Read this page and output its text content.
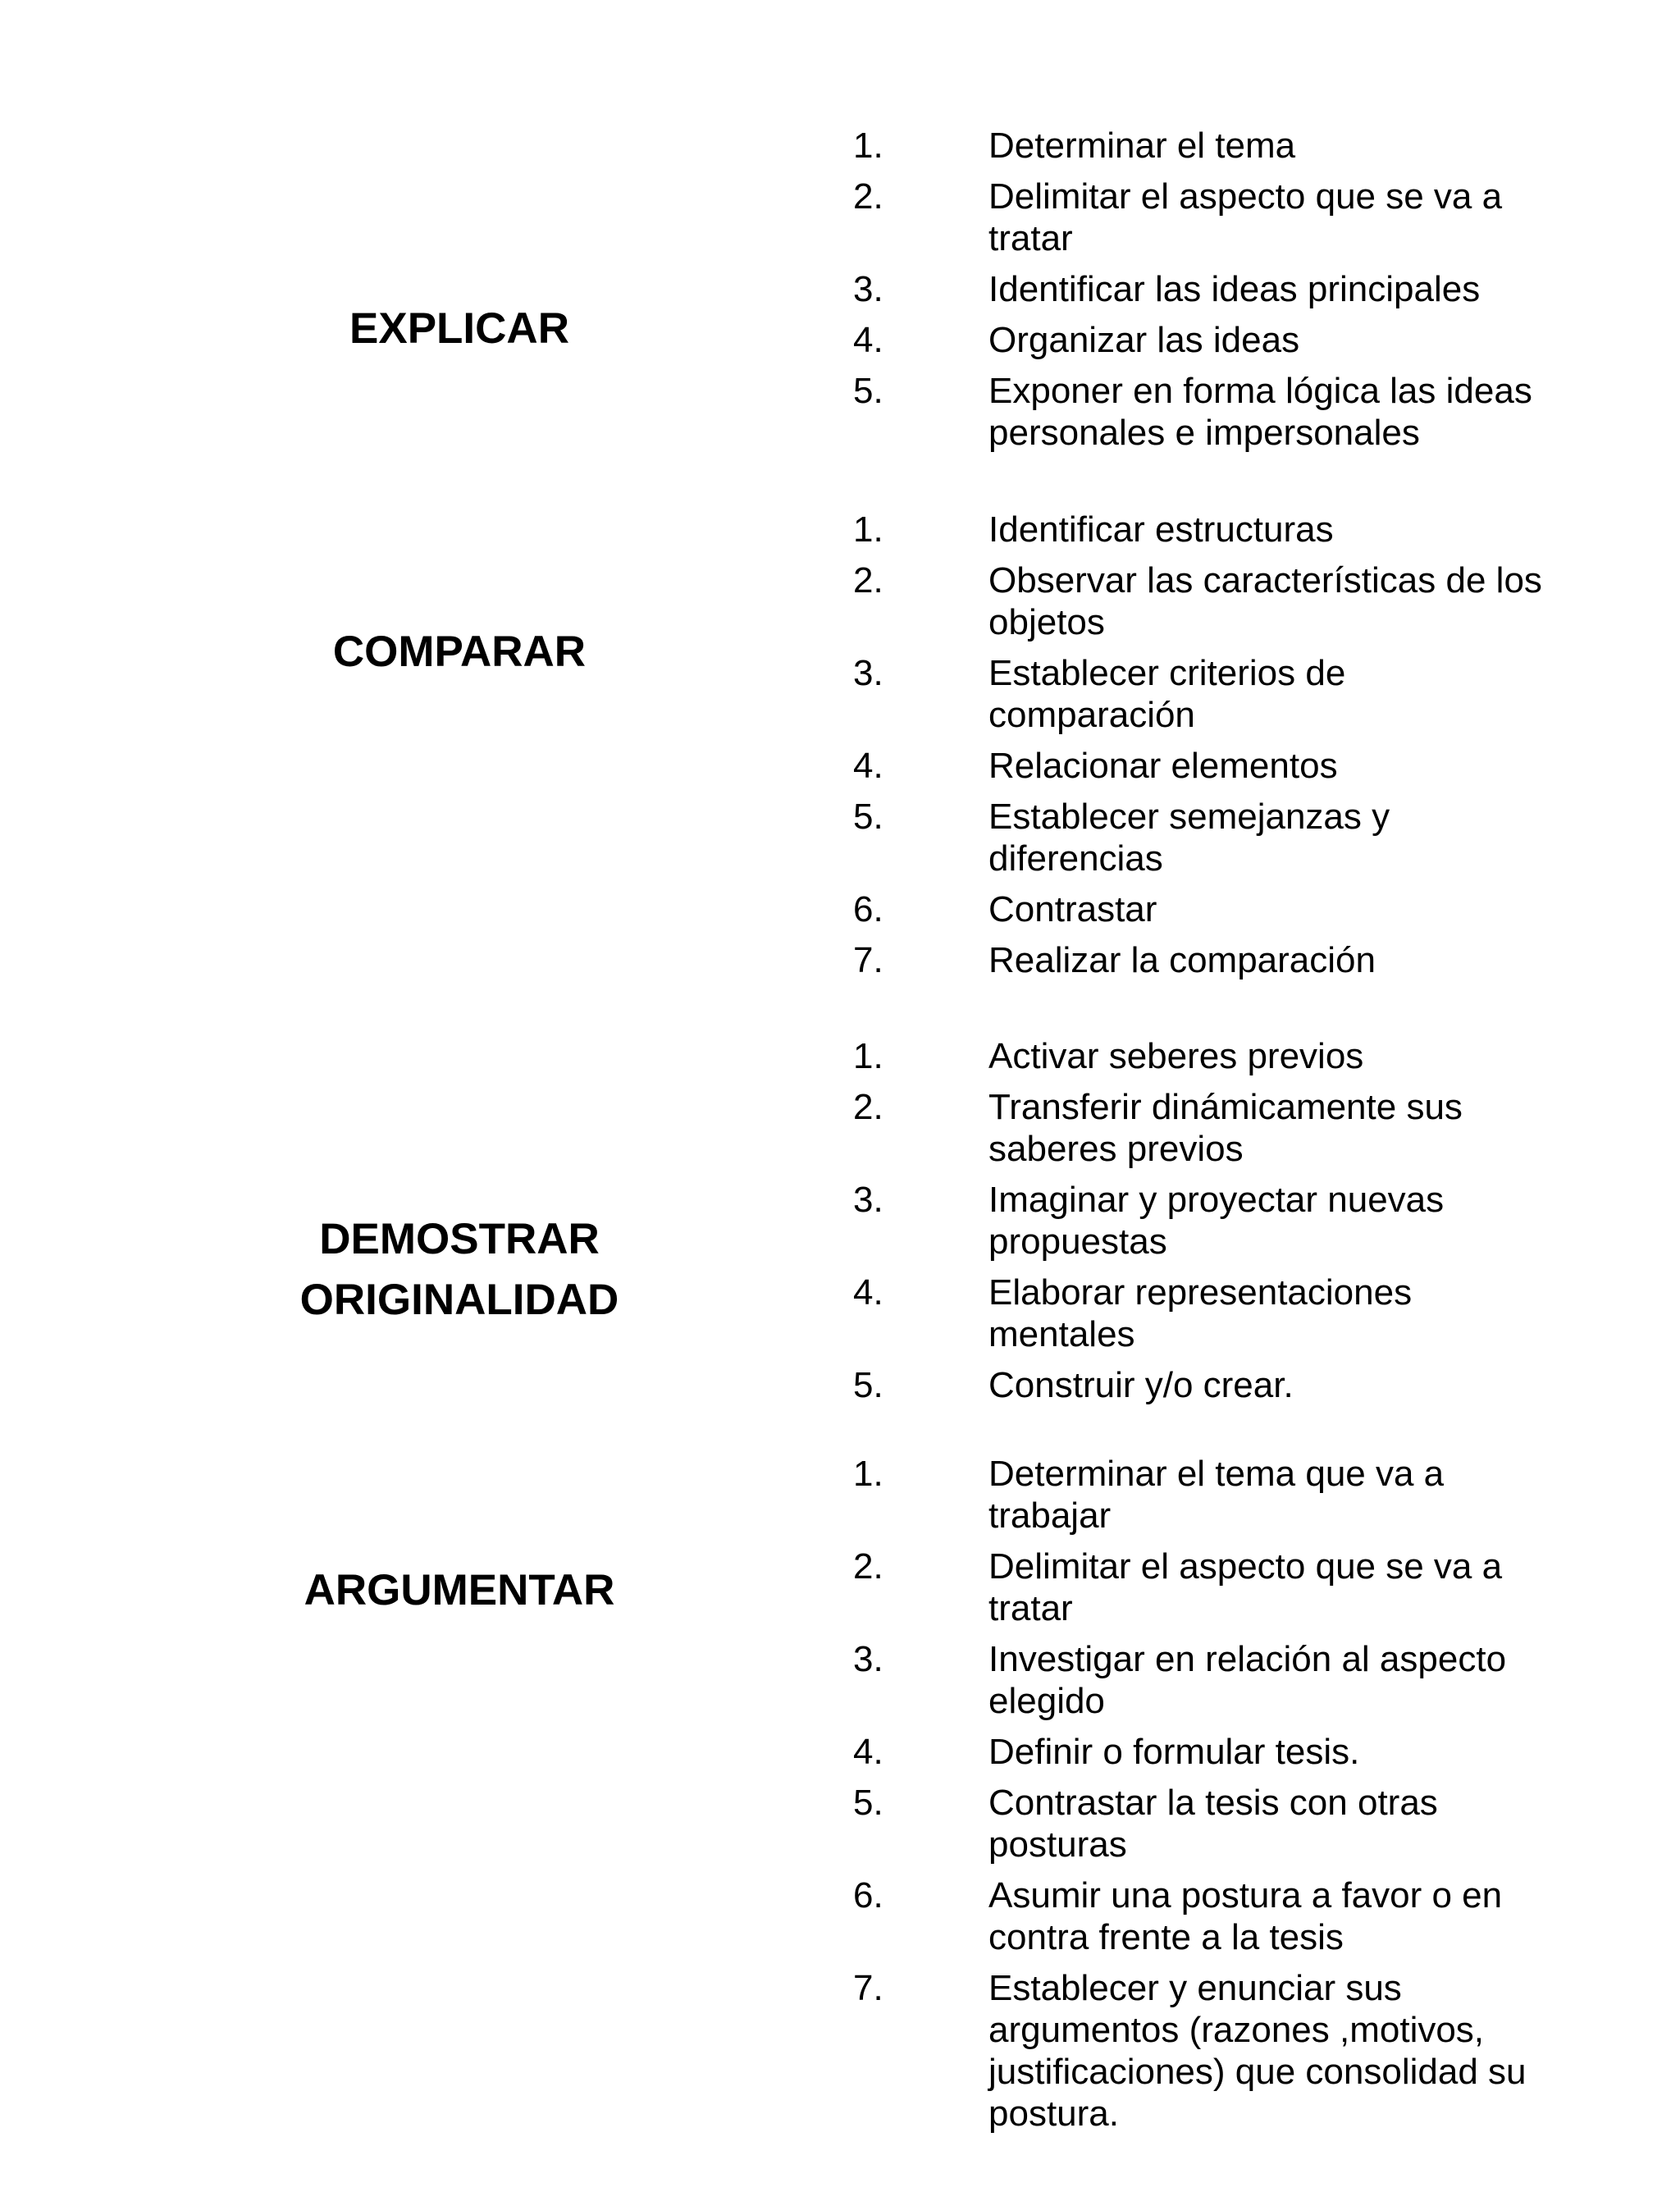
EXPLICAR
1.	Determinar el tema
2.	Delimitar el aspecto que se va a tratar
3.	Identificar las ideas principales
4.	Organizar las ideas
5.	Exponer en forma lógica las ideas personales e impersonales
COMPARAR
1.	Identificar estructuras
2.	Observar las características de los objetos
3.	Establecer criterios de comparación
4.	Relacionar elementos
5.	Establecer semejanzas y diferencias
6.	Contrastar
7.	Realizar la comparación
DEMOSTRAR ORIGINALIDAD
1.	Activar seberes previos
2.	Transferir dinámicamente sus saberes previos
3.	Imaginar y proyectar nuevas propuestas
4.	Elaborar representaciones mentales
5.	Construir y/o crear.
ARGUMENTAR
1.	Determinar el tema que va a trabajar
2.	Delimitar el aspecto que se va a tratar
3.	Investigar en relación al aspecto elegido
4.	Definir o formular tesis.
5.	Contrastar la tesis con otras posturas
6.	Asumir una postura a favor o en contra frente a la tesis
7.	Establecer y enunciar sus argumentos (razones ,motivos, justificaciones) que consolidad su postura.
